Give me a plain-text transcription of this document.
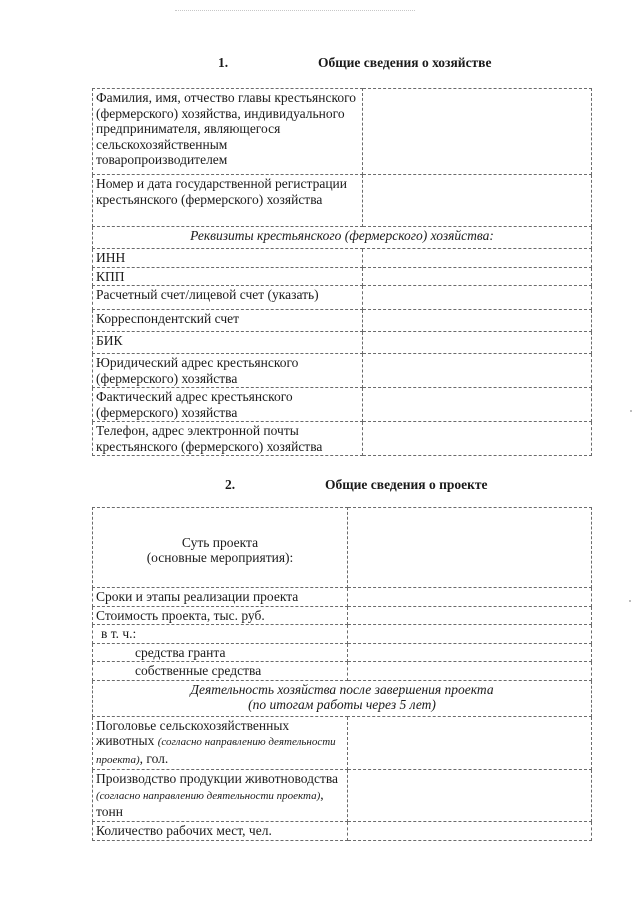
1.	Общие сведения о хозяйстве
Фамилия, имя, отчество главы крестьянского (фермерского) хозяйства, индивидуального предпринимателя, являющегося сельскохозяйственным товаропроизводителем	
Номер и дата государственной регистрации крестьянского (фермерского) хозяйства	
Реквизиты крестьянского (фермерского) хозяйства:	
ИНН	
КПП	
Расчетный счет/лицевой счет (указать)	
Корреспондентский счет	
БИК	
Юридический адрес крестьянского (фермерского) хозяйства	
Фактический адрес крестьянского (фермерского) хозяйства	
Телефон, адрес электронной почты крестьянского (фермерского) хозяйства	
2.	Общие сведения о проекте
Суть проекта
(основные мероприятия):	

Сроки и этапы реализации проекта	
Стоимость проекта, тыс. руб.	
в т. ч.:	
средства гранта	
собственные средства	

Деятельность хозяйства после завершения проекта
(по итогам работы через 5 лет)	

Поголовье сельскохозяйственных животных (согласно направлению деятельности проекта), гол.	
Производство продукции животноводства (согласно направлению деятельности проекта), тонн	
Количество рабочих мест, чел.	
